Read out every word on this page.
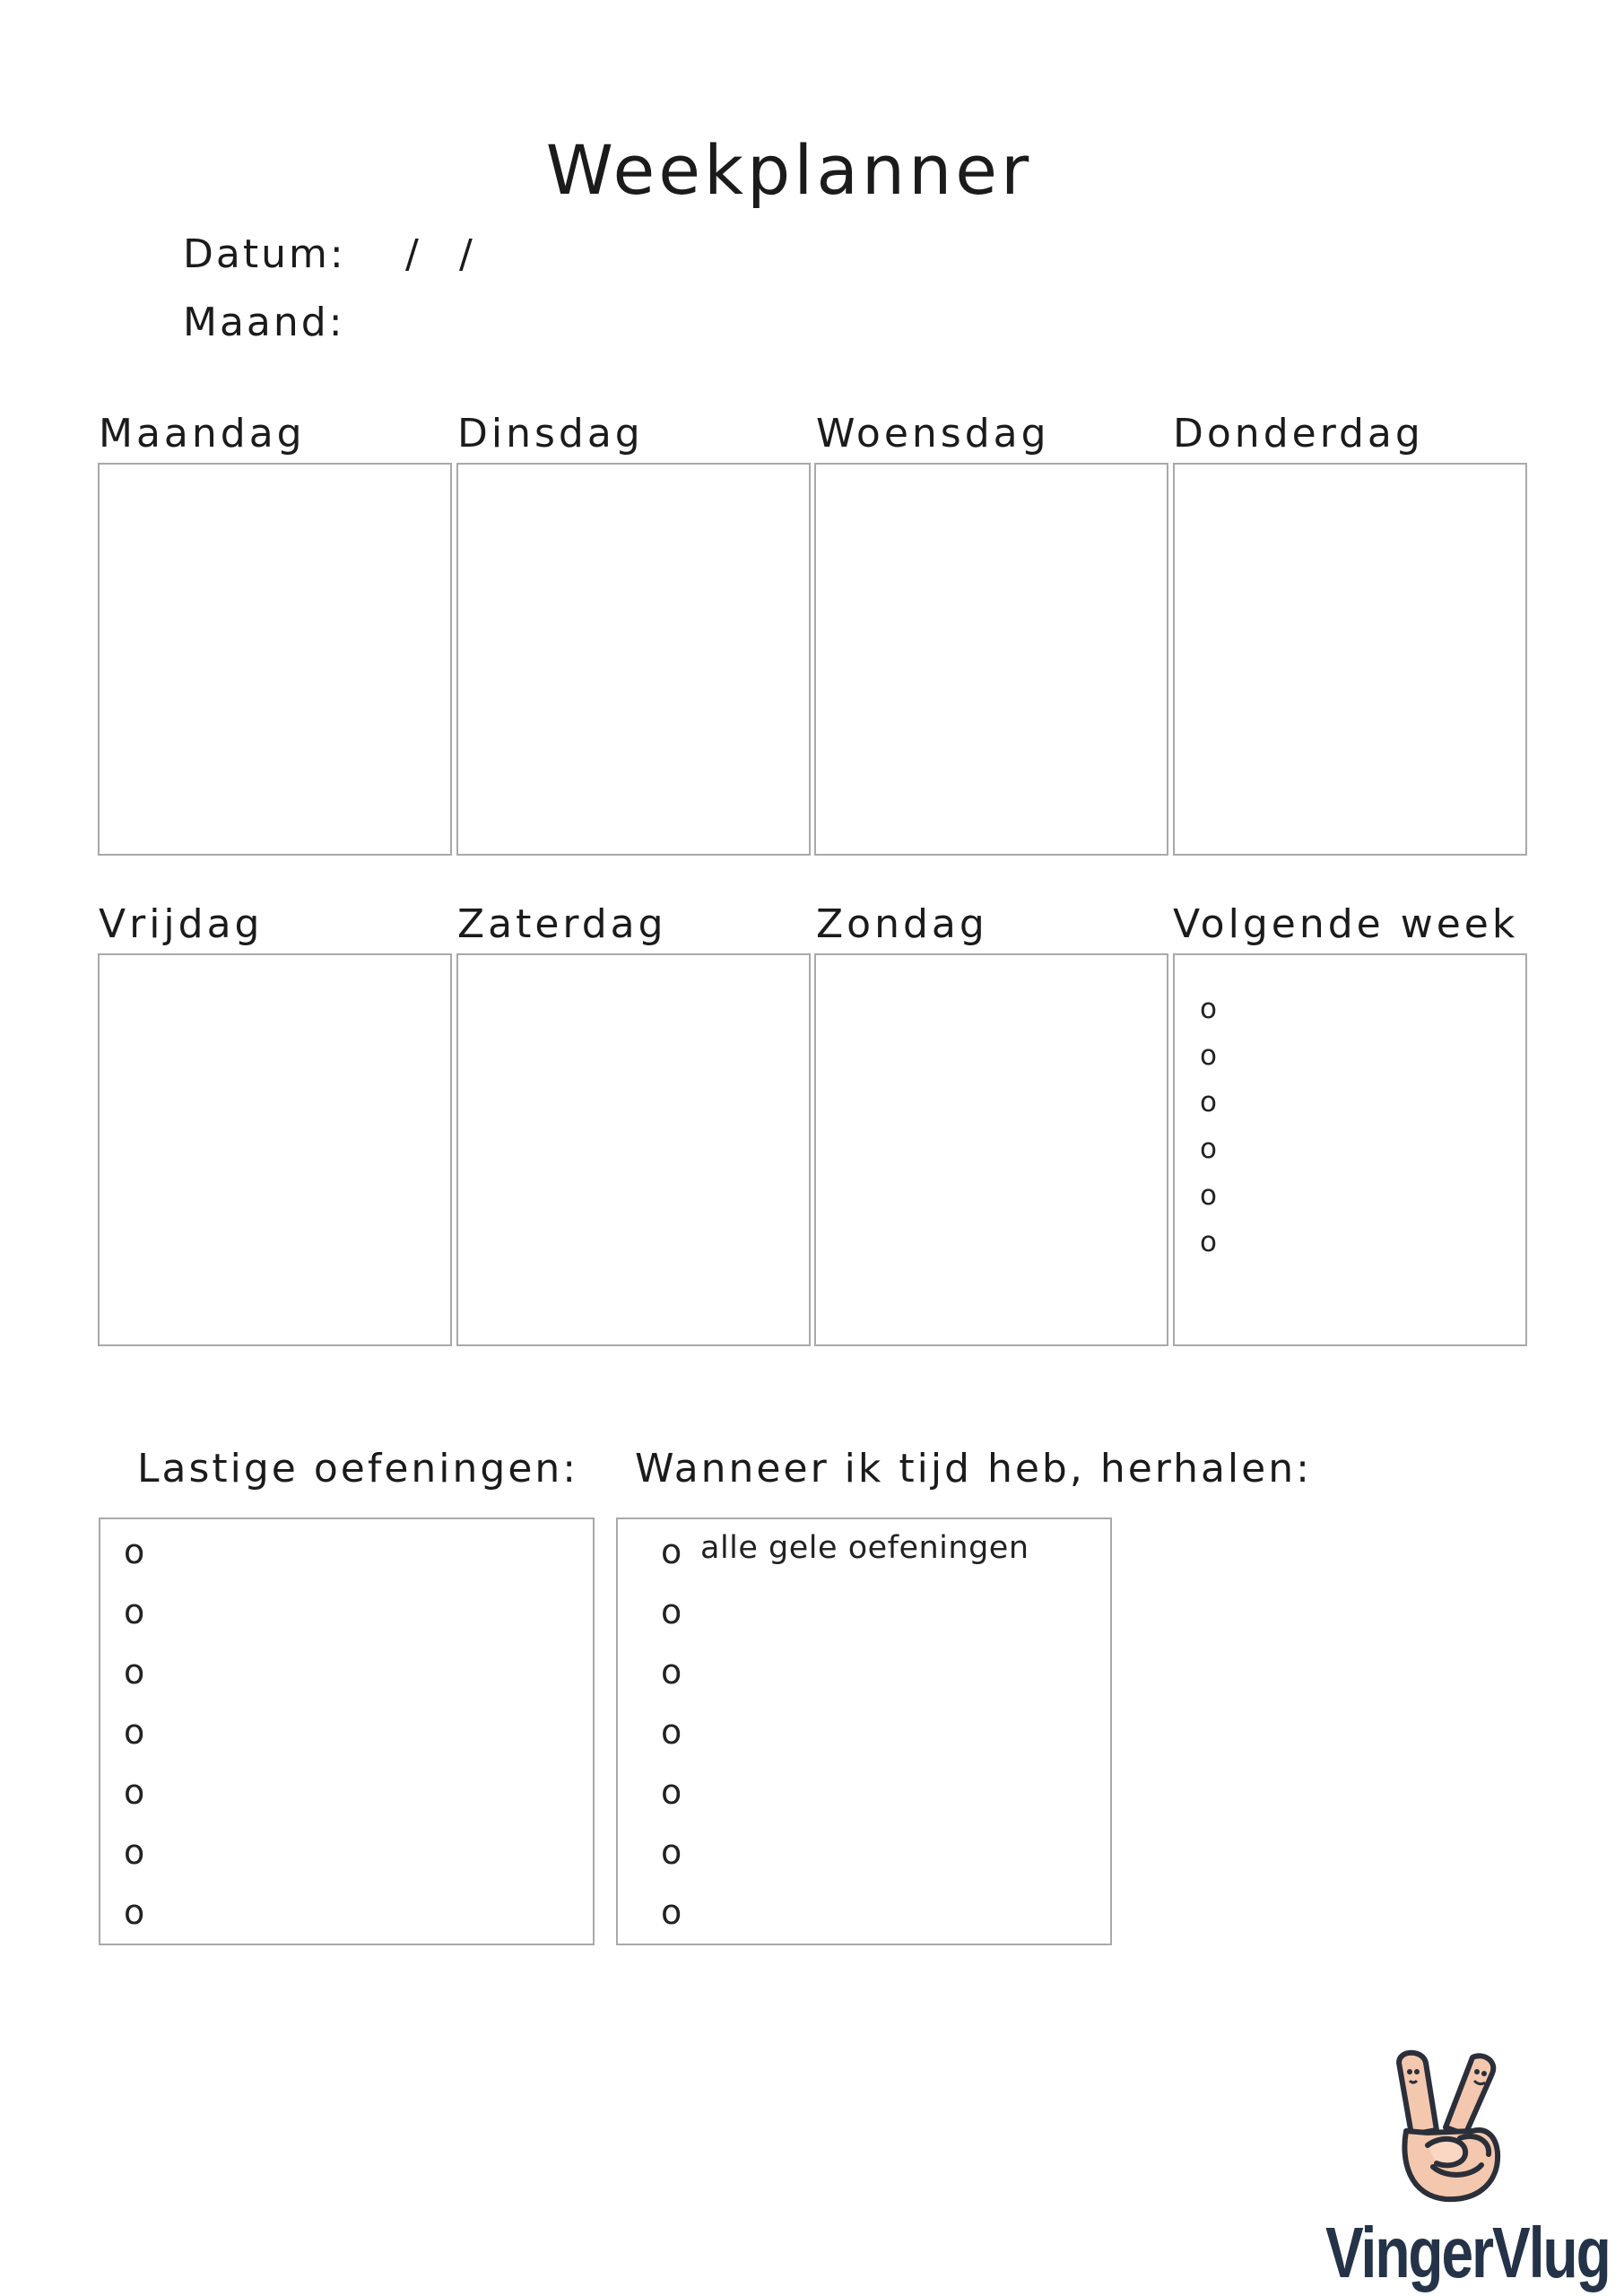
Weekplanner
Datum: / /
Maand:
Maandag	Dinsdag	Woensdag	Donderdag
Vrijdag	Zaterdag	Zondag	Volgende week
o
o
o
o
o
o
Lastige oefeningen: Wanneer ik tijd heb, herhalen:
o
o
o
o
o
o
o
o alle gele oefeningen
o
o
o
o
o
o
VingerVlug
